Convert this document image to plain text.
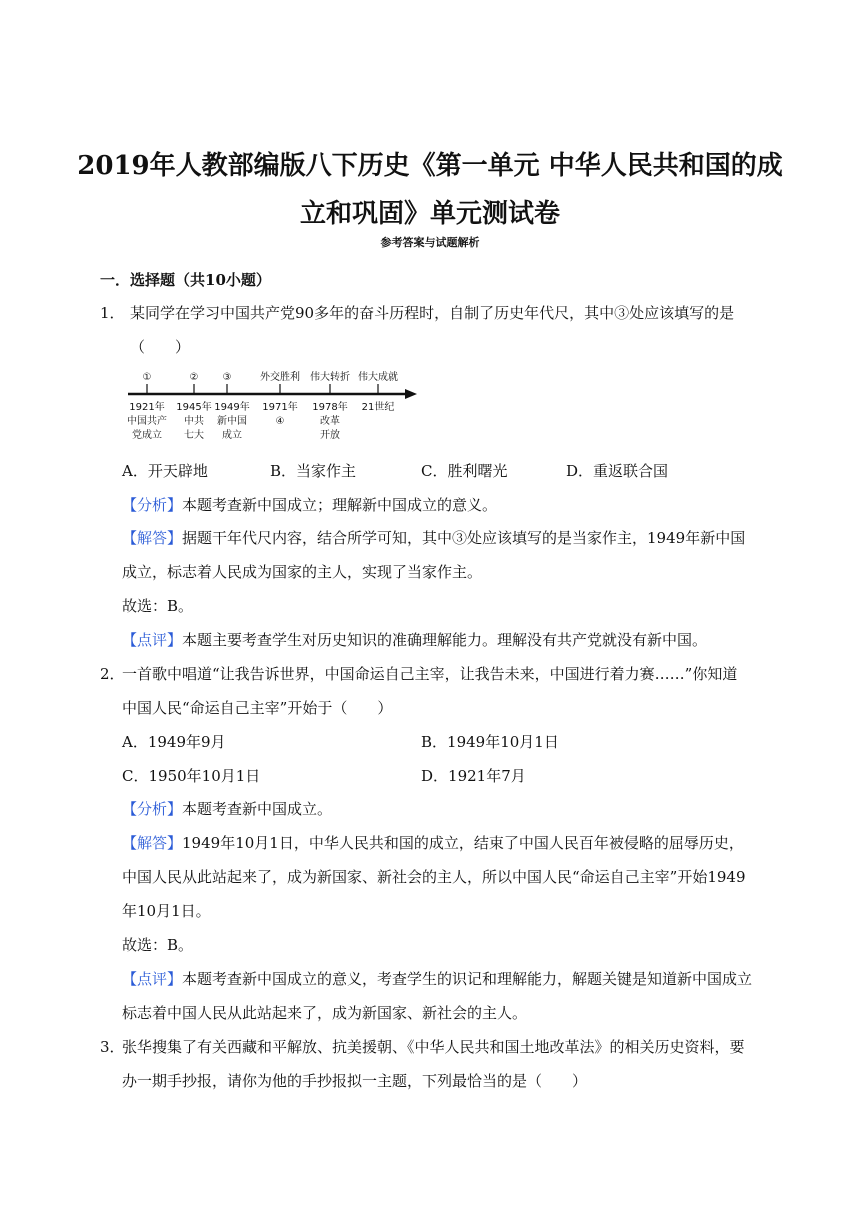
2019年人教部编版八下历史《第一单元 中华人民共和国的成
立和巩固》单元测试卷
参考答案与试题解析
一．选择题（共10小题）
1． 某同学在学习中国共产党90多年的奋斗历程时，自制了历史年代尺，其中③处应该填写的是
（　　）
①	② ③	外交胜利 伟大转折 伟大成就
1921年 1945年 1949年 1971年 1978年 21世纪
中国共产 中共 新中国	④	改革
党成立 七大 成立	开放
A．开天辟地	B．当家作主	C．胜利曙光	D．重返联合国
【分析】本题考查新中国成立；理解新中国成立的意义。
【解答】据题干年代尺内容，结合所学可知，其中③处应该填写的是当家作主，1949年新中国
成立，标志着人民成为国家的主人，实现了当家作主。
故选：B。
【点评】本题主要考查学生对历史知识的准确理解能力。理解没有共产党就没有新中国。
2．
一首歌中唱道“让我告诉世界，中国命运自己主宰，让我告未来，中国进行着力赛……”你知道
中国人民“命运自己主宰”开始于（　　）
A．1949年9月	B．1949年10月1日
C．1950年10月1日	D．1921年7月
【分析】本题考查新中国成立。
【解答】1949年10月1日，中华人民共和国的成立，结束了中国人民百年被侵略的屈辱历史，
中国人民从此站起来了，成为新国家、新社会的主人，所以中国人民“命运自己主宰”开始1949
年10月1日。
故选：B。
【点评】本题考查新中国成立的意义，考查学生的识记和理解能力，解题关键是知道新中国成立
标志着中国人民从此站起来了，成为新国家、新社会的主人。
3．
张华搜集了有关西藏和平解放、抗美援朝、《中华人民共和国土地改革法》的相关历史资料，要
办一期手抄报，请你为他的手抄报拟一主题，下列最恰当的是（　　）
